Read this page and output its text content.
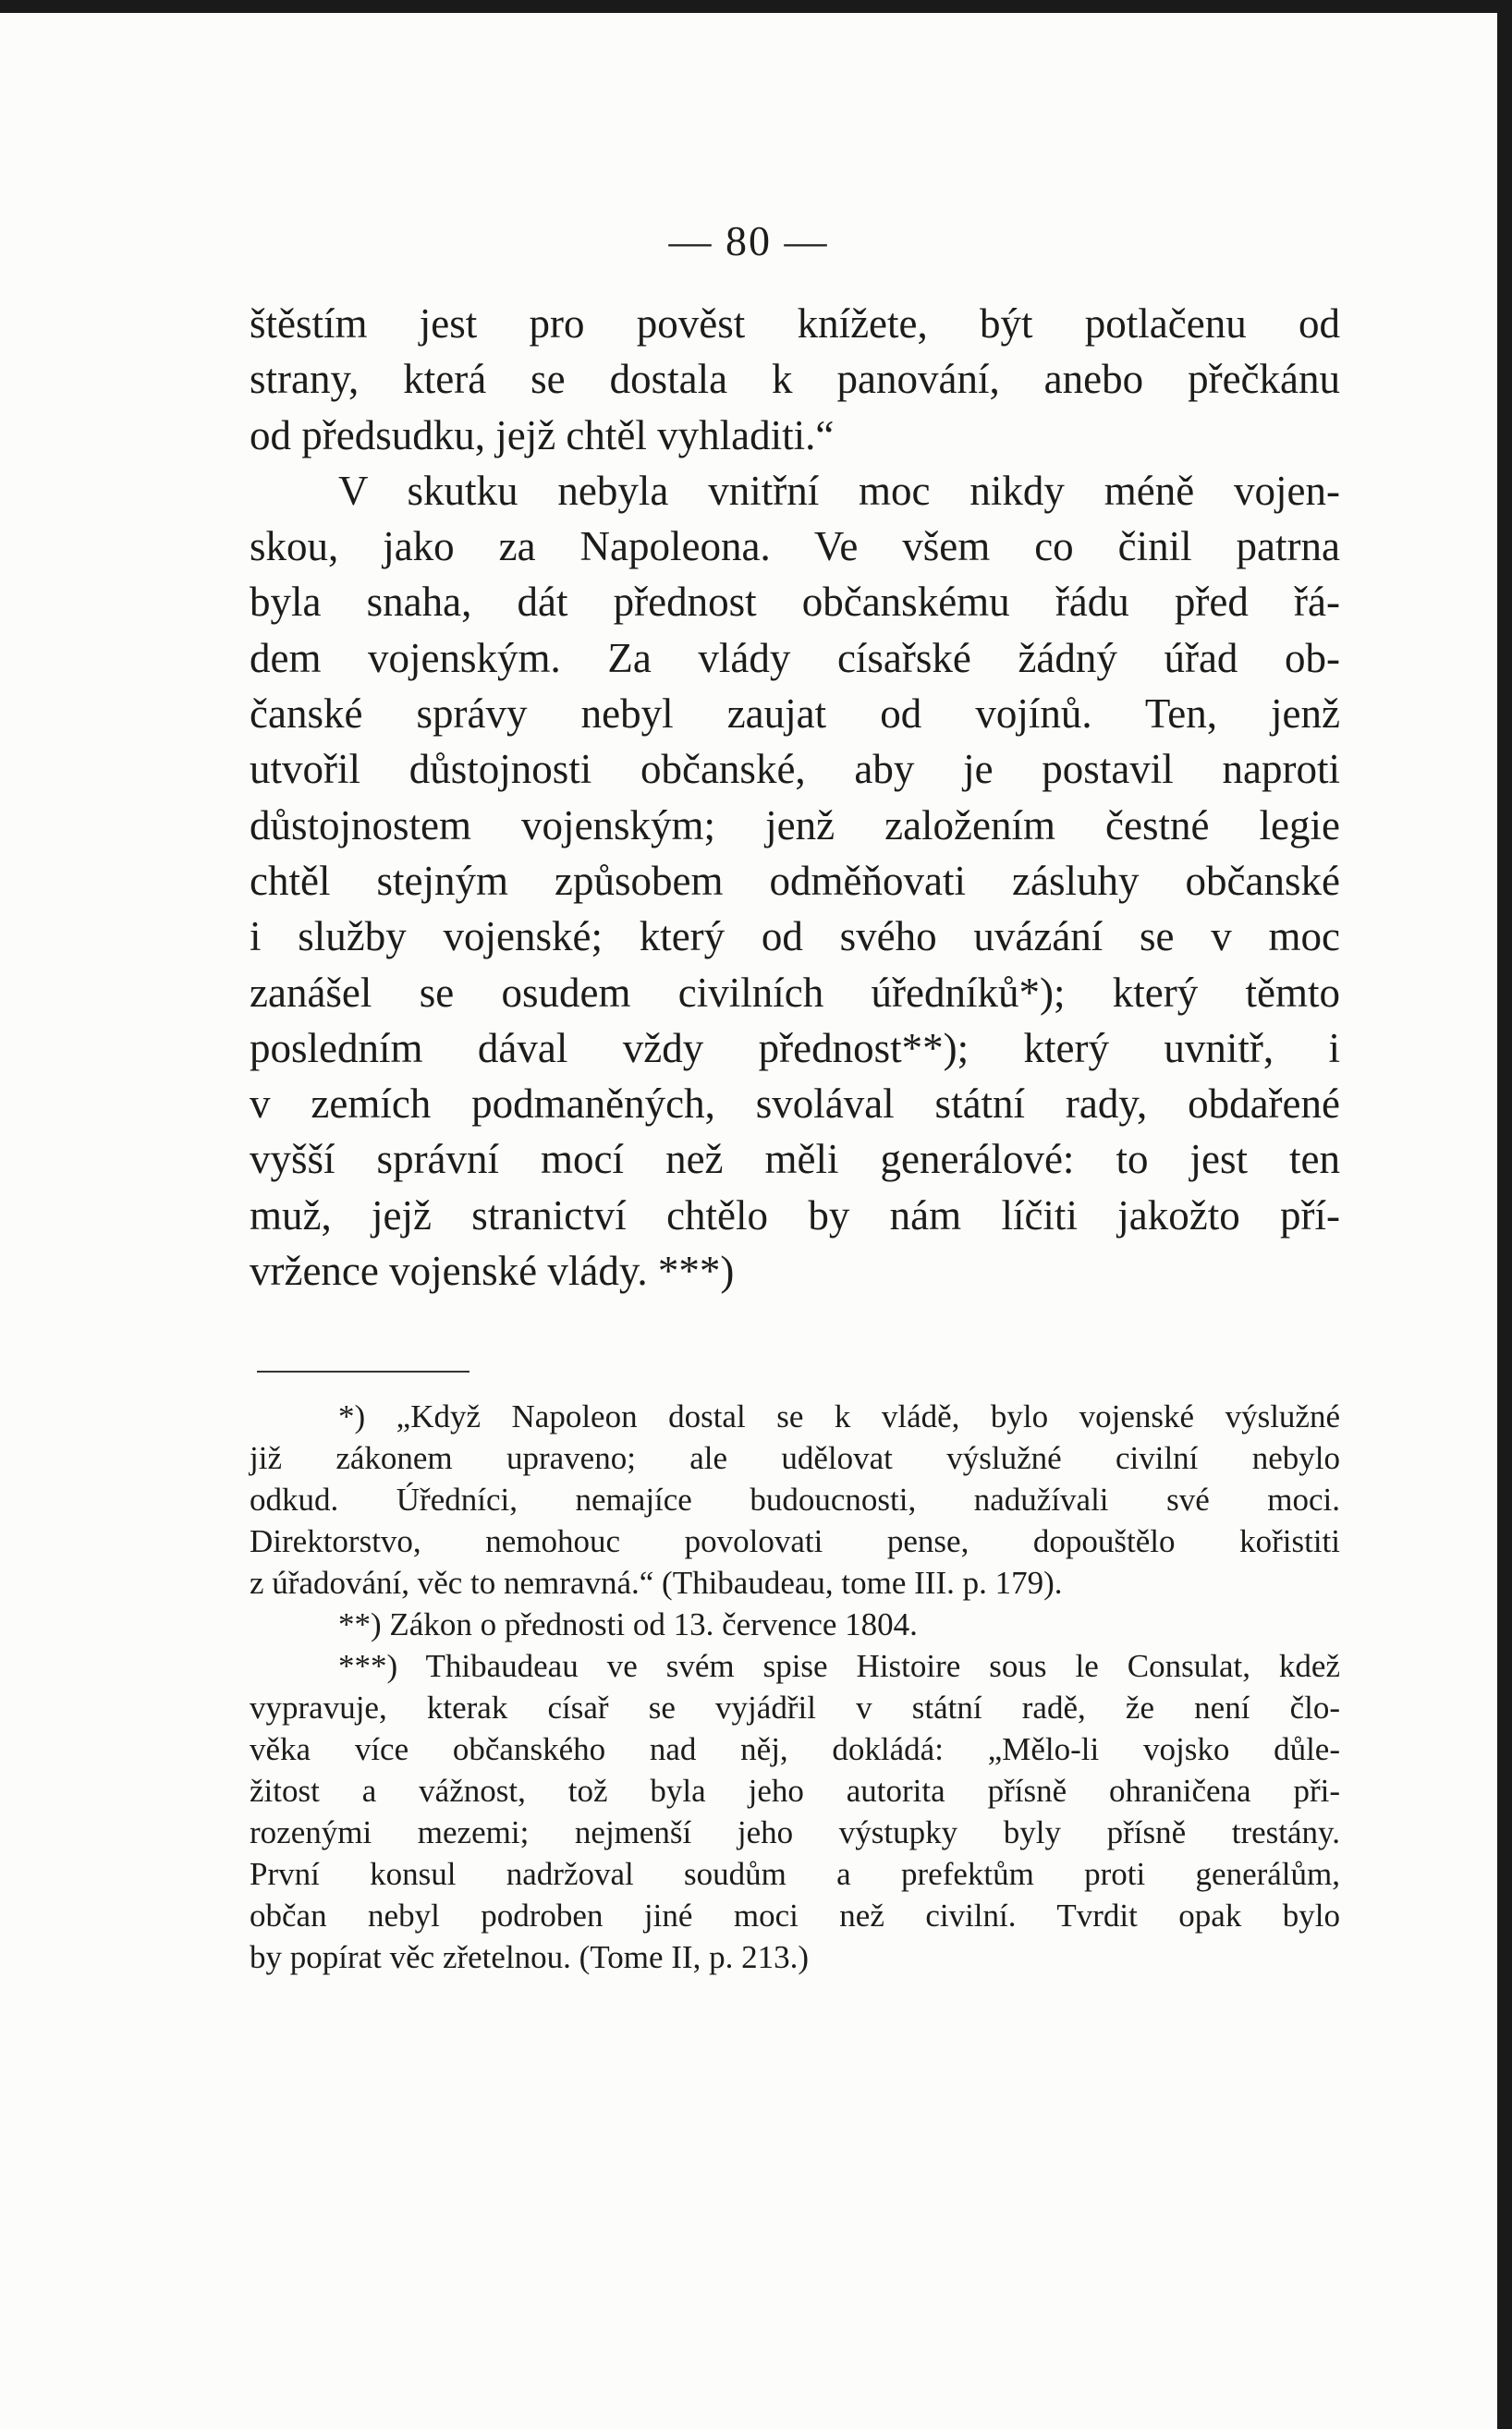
— 80 —
štěstím jest pro pověst knížete, být potlačenu od
strany, která se dostala k panování, anebo přečkánu
od předsudku, jejž chtěl vyhladiti.“
V skutku nebyla vnitřní moc nikdy méně vojen-
skou, jako za Napoleona. Ve všem co činil patrna
byla snaha, dát přednost občanskému řádu před řá-
dem vojenským. Za vlády císařské žádný úřad ob-
čanské správy nebyl zaujat od vojínů. Ten, jenž
utvořil důstojnosti občanské, aby je postavil naproti
důstojnostem vojenským; jenž založením čestné legie
chtěl stejným způsobem odměňovati zásluhy občanské
i služby vojenské; který od svého uvázání se v moc
zanášel se osudem civilních úředníků*); který těmto
posledním dával vždy přednost**); který uvnitř, i
v zemích podmaněných, svolával státní rady, obdařené
vyšší správní mocí než měli generálové: to jest ten
muž, jejž stranictví chtělo by nám líčiti jakožto pří-
vržence vojenské vlády. ***)
*) „Když Napoleon dostal se k vládě, bylo vojenské výslužné
již zákonem upraveno; ale udělovat výslužné civilní nebylo
odkud. Úředníci, nemajíce budoucnosti, nadužívali své moci.
Direktorstvo, nemohouc povolovati pense, dopouštělo kořistiti
z úřadování, věc to nemravná.“ (Thibaudeau, tome III. p. 179).
**) Zákon o přednosti od 13. července 1804.
***) Thibaudeau ve svém spise Histoire sous le Consulat, kdež
vypravuje, kterak císař se vyjádřil v státní radě, že není člo-
věka více občanského nad něj, dokládá: „Mělo-li vojsko důle-
žitost a vážnost, tož byla jeho autorita přísně ohraničena při-
rozenými mezemi; nejmenší jeho výstupky byly přísně trestány.
První konsul nadržoval soudům a prefektům proti generálům,
občan nebyl podroben jiné moci než civilní. Tvrdit opak bylo
by popírat věc zřetelnou. (Tome II, p. 213.)
